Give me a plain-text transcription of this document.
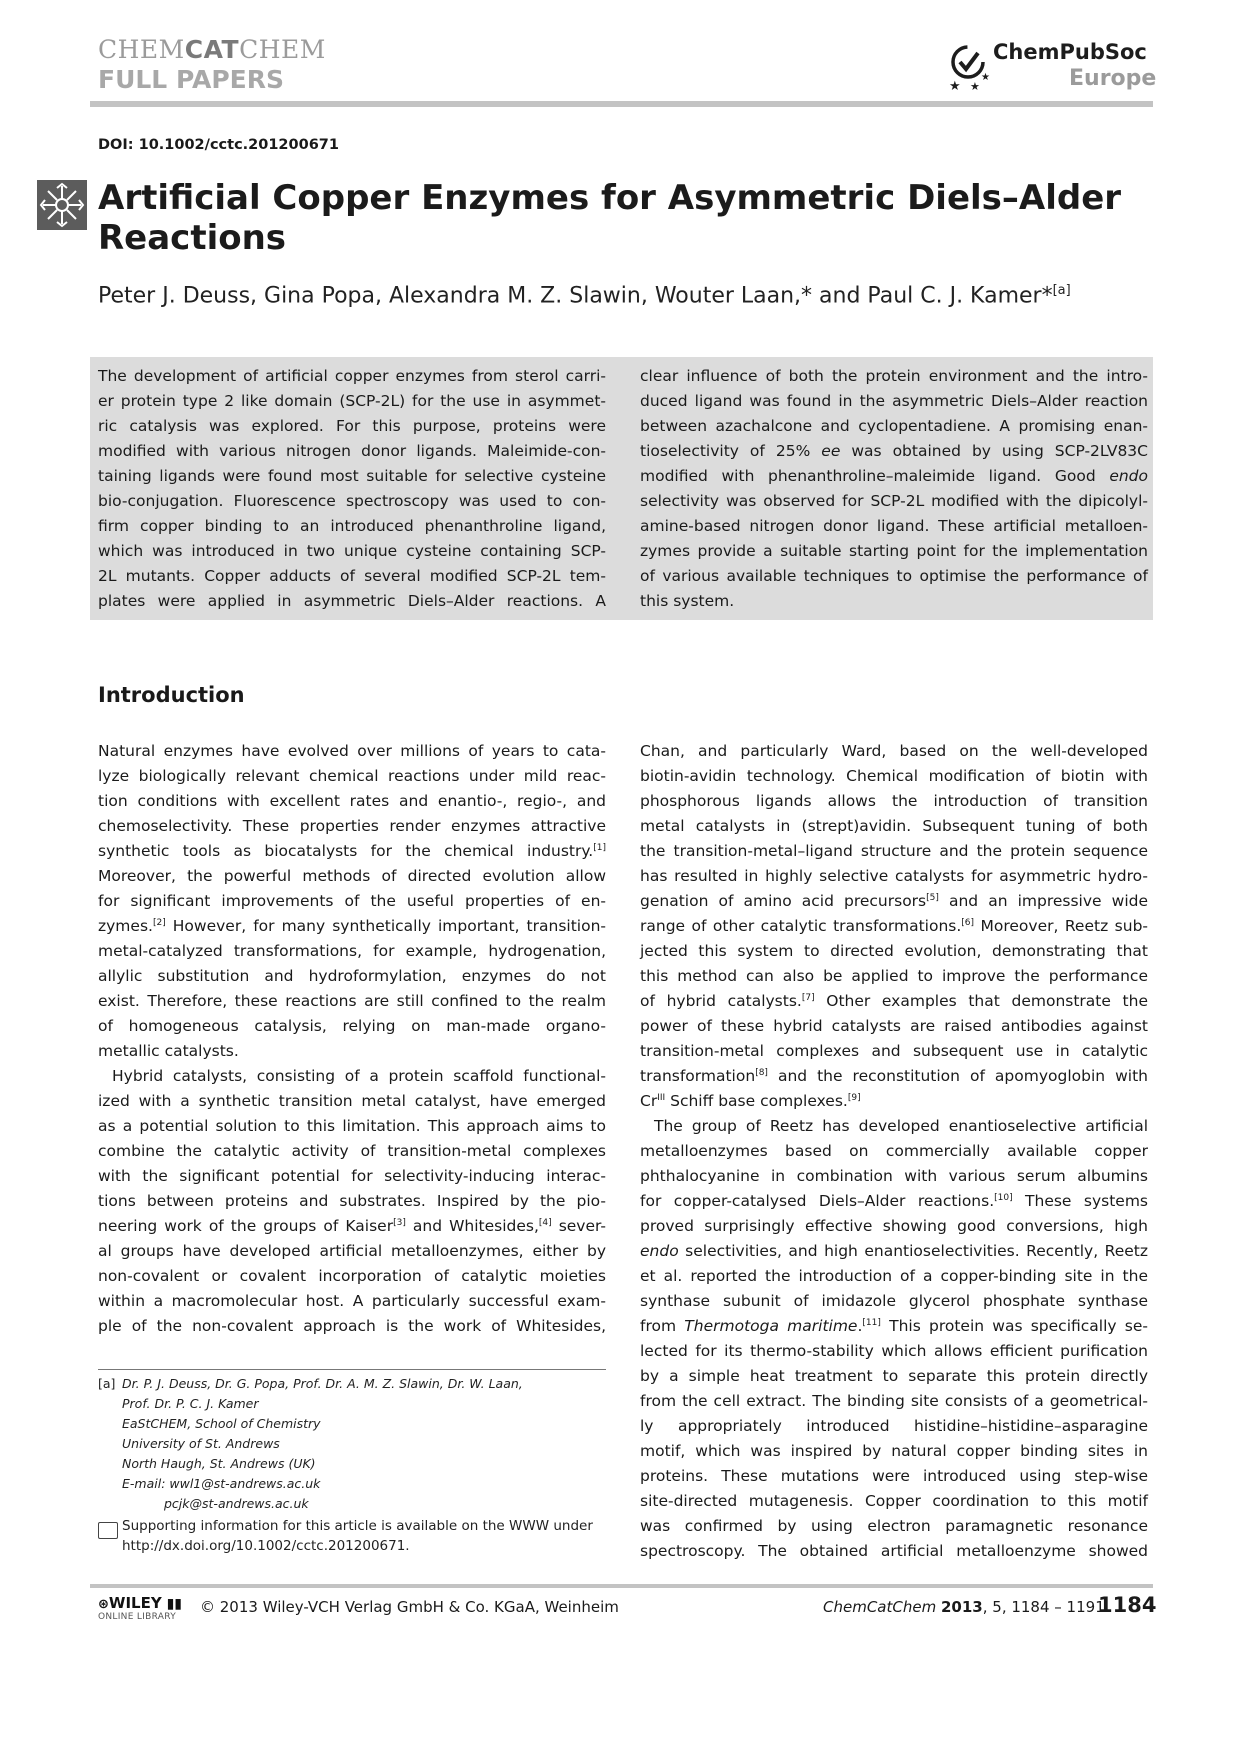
CHEMCATCHEM
FULL PAPERS	★ ★
★
ChemPubSoc
Europe
DOI: 10.1002/cctc.201200671
Artificial Copper Enzymes for Asymmetric Diels–Alder Reactions
Peter J. Deuss, Gina Popa, Alexandra M. Z. Slawin, Wouter Laan,* and Paul C. J. Kamer*[a]
The development of artificial copper enzymes from sterol carri-
er protein type 2 like domain (SCP-2L) for the use in asymmet-
ric catalysis was explored. For this purpose, proteins were
modified with various nitrogen donor ligands. Maleimide-con-
taining ligands were found most suitable for selective cysteine
bio-conjugation. Fluorescence spectroscopy was used to con-
firm copper binding to an introduced phenanthroline ligand,
which was introduced in two unique cysteine containing SCP-
2L mutants. Copper adducts of several modified SCP-2L tem-
plates were applied in asymmetric Diels–Alder reactions. A
clear influence of both the protein environment and the intro-
duced ligand was found in the asymmetric Diels–Alder reaction
between azachalcone and cyclopentadiene. A promising enan-
tioselectivity of 25% ee was obtained by using SCP-2LV83C
modified with phenanthroline–maleimide ligand. Good endo
selectivity was observed for SCP-2L modified with the dipicolyl-
amine-based nitrogen donor ligand. These artificial metalloen-
zymes provide a suitable starting point for the implementation
of various available techniques to optimise the performance of
this system.
Introduction
Natural enzymes have evolved over millions of years to cata-
lyze biologically relevant chemical reactions under mild reac-
tion conditions with excellent rates and enantio-, regio-, and
chemoselectivity. These properties render enzymes attractive
synthetic tools as biocatalysts for the chemical industry.[1]
Moreover, the powerful methods of directed evolution allow
for significant improvements of the useful properties of en-
zymes.[2] However, for many synthetically important, transition-
metal-catalyzed transformations, for example, hydrogenation,
allylic substitution and hydroformylation, enzymes do not
exist. Therefore, these reactions are still confined to the realm
of homogeneous catalysis, relying on man-made organo-
metallic catalysts.
Hybrid catalysts, consisting of a protein scaffold functional-
ized with a synthetic transition metal catalyst, have emerged
as a potential solution to this limitation. This approach aims to
combine the catalytic activity of transition-metal complexes
with the significant potential for selectivity-inducing interac-
tions between proteins and substrates. Inspired by the pio-
neering work of the groups of Kaiser[3] and Whitesides,[4] sever-
al groups have developed artificial metalloenzymes, either by
non-covalent or covalent incorporation of catalytic moieties
within a macromolecular host. A particularly successful exam-
ple of the non-covalent approach is the work of Whitesides,
Chan, and particularly Ward, based on the well-developed
biotin-avidin technology. Chemical modification of biotin with
phosphorous ligands allows the introduction of transition
metal catalysts in (strept)avidin. Subsequent tuning of both
the transition-metal–ligand structure and the protein sequence
has resulted in highly selective catalysts for asymmetric hydro-
genation of amino acid precursors[5] and an impressive wide
range of other catalytic transformations.[6] Moreover, Reetz sub-
jected this system to directed evolution, demonstrating that
this method can also be applied to improve the performance
of hybrid catalysts.[7] Other examples that demonstrate the
power of these hybrid catalysts are raised antibodies against
transition-metal complexes and subsequent use in catalytic
transformation[8] and the reconstitution of apomyoglobin with
$Cr^{III}$ Schiff base complexes.[9]
The group of Reetz has developed enantioselective artificial
metalloenzymes based on commercially available copper
phthalocyanine in combination with various serum albumins
for copper-catalysed Diels–Alder reactions.[10] These systems
proved surprisingly effective showing good conversions, high
endo selectivities, and high enantioselectivities. Recently, Reetz
et al. reported the introduction of a copper-binding site in the
synthase subunit of imidazole glycerol phosphate synthase
from Thermotoga maritime.[11] This protein was specifically se-
lected for its thermo-stability which allows efficient purification
by a simple heat treatment to separate this protein directly
from the cell extract. The binding site consists of a geometrical-
ly appropriately introduced histidine–histidine–asparagine
motif, which was inspired by natural copper binding sites in
proteins. These mutations were introduced using step-wise
site-directed mutagenesis. Copper coordination to this motif
was confirmed by using electron paramagnetic resonance
spectroscopy. The obtained artificial metalloenzyme showed
[a] Dr. P. J. Deuss, Dr. G. Popa, Prof. Dr. A. M. Z. Slawin, Dr. W. Laan,
Prof. Dr. P. C. J. Kamer
EaStCHEM, School of Chemistry
University of St. Andrews
North Haugh, St. Andrews (UK)
E-mail: wwl1@st-andrews.ac.uk
pcjk@st-andrews.ac.uk
Supporting information for this article is available on the WWW under
http://dx.doi.org/10.1002/cctc.201200671.
⊛WILEY ▮▮
ONLINE LIBRARY
© 2013 Wiley-VCH Verlag GmbH & Co. KGaA, Weinheim	ChemCatChem 2013, 5, 1184 – 1191
1184
